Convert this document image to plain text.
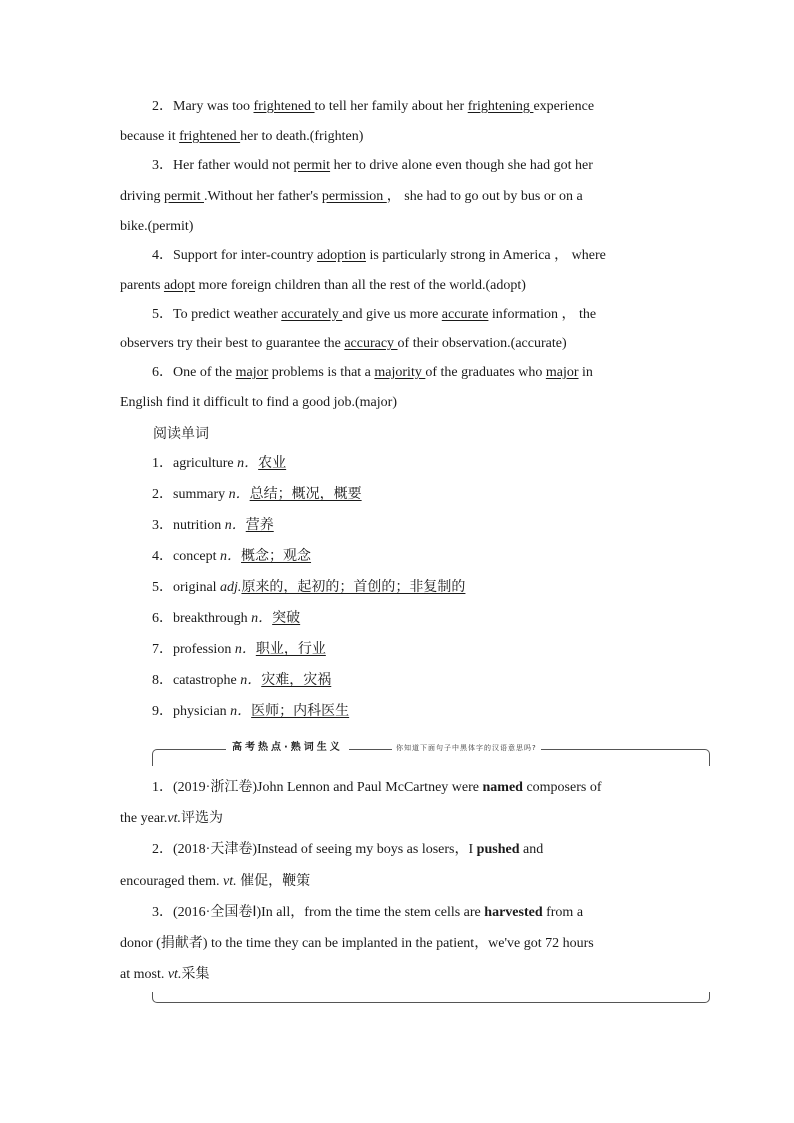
2．Mary was too frightened to tell her family about her frightening experience
because it frightened her to death.(frighten)
3．Her father would not permit her to drive alone even though she had got her
driving permit .Without her father's permission ， she had to go out by bus or on a
bike.(permit)
4．Support for inter-country adoption is particularly strong in America ， where
parents adopt more foreign children than all the rest of the world.(adopt)
5．To predict weather accurately and give us more accurate information ， the
observers try their best to guarantee the accuracy of their observation.(accurate)
6．One of the major problems is that a majority of the graduates who major in
English find it difficult to find a good job.(major)
阅读单词
1．agriculture n．农业
2．summary n．总结；概况，概要
3．nutrition n．营养
4．concept n．概念；观念
5．original adj.原来的，起初的；首创的；非复制的
6．breakthrough n．突破
7．profession n．职业，行业
8．catastrophe n．灾难，灾祸
9．physician n．医师；内科医生
高考热点·熟词生义	你知道下面句子中黑体字的汉语意思吗?
1．(2019·浙江卷)John Lennon and Paul McCartney were named composers of
the year.vt.评选为
2．(2018·天津卷)Instead of seeing my boys as losers，I pushed and
encouraged them. vt. 催促，鞭策
3．(2016·全国卷Ⅰ)In all，from the time the stem cells are harvested from a
donor (捐献者) to the time they can be implanted in the patient，we've got 72 hours
at most. vt.采集
